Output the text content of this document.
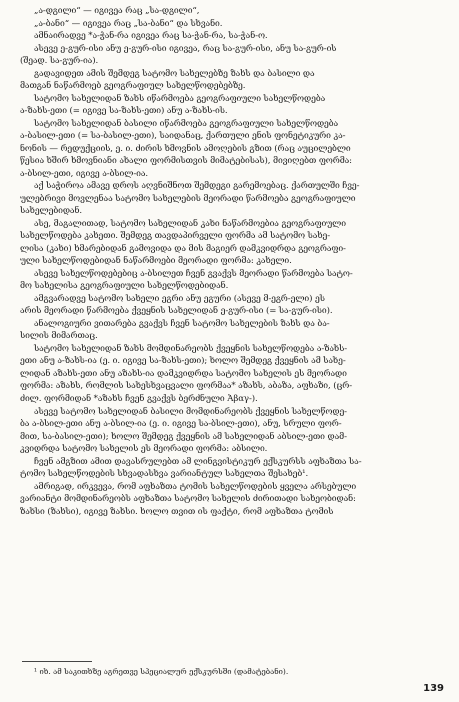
„ა-დგილი“ — იგივეა რაც „სა-დგილი“,
„ა-ბანი“ — იგივეა რაც „სა-ბანი“ და სხვანი.
ამნაირადვე *ა-ჭან-რა იგივეა რაც სა-ჭან-რა, სა-ჭან-ო.
ასევე ე-გურ-ისი ანუ ე-გურ-ისი იგივეა, რაც სა-გურ-ისი, ანუ სა-გურ-ის
(შეად. სა-გურ-ია).
გადავიდეთ ამის შემდეგ სატომო სახელებზე ზახს და ბასილი და
მათგან ნაწარმოებ გეოგრაფიულ სახელწოდებებზე.
სატომო სახელიდან ზახს იწარმოება გეოგრაფიული სახელწოდება
ა-ზახს-ეთი (= იგივე სა-ზახს-ეთი) ანუ ა-ზახს-ის.
სატომო სახელიდან ბასილი იწარმოება გეოგრაფიული სახელწოდება
ა-ბასილ-ეთი (= სა-ბასილ-ეთი), საიდანაც, ქართული ენის ფონეტიკური კა-
ნონის — რედუქციის, ე. ი. ძირის ხმოვნის ამოღების გზით (რაც აუცილებლი
წესია ხშირ ხმოვნიანი ახალი ფორმისთვის მიმატებისას), მივიღებთ ფორმა:
ა-ბსილ-ეთი, იგივე ა-ბსილ-ია.
აქ საჭიროა ამავე დროს აღვნიშნოთ შემდეგი გარემოებაც. ქართულში ჩვე-
ულებრივი მოვლენაა სატომო სახელების მეორადი წარმოება გეოგრაფიული
სახელებიდან.
ასე, მაგალითად, სატომო სახელიდან კახი ნაწარმოებია გეოგრაფიული
სახელწოდება კახეთი. შემდეგ თავდაპირველი ფორმა ამ სატომო სახე-
ლისა (კახი) ხმარებიდან გამოვიდა და მის მაგიერ დამკვიდრდა გეოგრაფი-
ული სახელწოდებიდან ნაწარმოები მეორადი ფორმა: კახელი.
ასევე სახელწოდებებიც ა-ბსილეთ ჩვენ გვაქვს მეორადი წარმოება სატო-
მო სახელისა გეოგრაფიული სახელწოდებიდან.
ამგვარადვე სატომო სახელი ეგრი ანუ ეგური (ასევე მ-ეგრ-ელი) ეს
არის მეორადი წარმოება ქვეყნის სახელიდან ე-გურ-ისი (= სა-გურ-ისი).
ანალოგიური ვითარება გვაქვს ჩვენ სატომო სახელების ზახს და ბა-
სილის მიმართაც.
სატომო სახელიდან ზახს მომდინარეობს ქვეყნის სახელწოდება ა-ზახს-
ეთი ანუ ა-ზახს-ია (ე. ი. იგივე სა-ზახს-ეთი); ხოლო შემდეგ ქვეყნის ამ სახე-
ლიდან აზახს-ეთი ანუ აზახს-ია დამკვიდრდა სატომო სახელის ეს მეორადი
ფორმა: აზახს, რომლის სახესხვაცვალი ფორმაა* აზახს, აბაზა, აფხაზი, (ცრ-
ძილ. ფორმიდან *აზახს ჩვენ გვაქვს ბერძნული Ἀβαγ-).
ასევე სატომო სახელიდან ბასილი მომდინარეობს ქვეყნის სახელწოდე-
ბა ა-ბსილ-ეთი ანუ ა-ბსილ-ია (ე. ი. იგივე სა-ბსილ-ეთი), ანუ, სრული ფორ-
მით, სა-ბასილ-ეთი); ხოლო შემდეგ ქვეყნის ამ სახელიდან აბსილ-ეთი დამ-
კვიდრდა სატომო სახელის ეს მეორადი ფორმა: აბსილი.
ჩვენ ამგზით ამით დავასრულებთ ამ ლინგვისტიკურ ექსკურსს აფხაზთა სა-
ტომო სახელწოდების სხვადასხვა ვარიანტულ სახელთა შესახებ¹.
ამრიგად, ირკვევა, რომ აფხაზთა ტომის სახელწოდების ყველა არსებული
ვარიანტი მომდინარეობს აფხაზთა სატომო სახელის ძირითადი სახეობიდან:
ზახსი (ზახსი), იგივე ზახსი. ხოლო თვით ის ფაქტი, რომ აფხაზთა ტომის
¹ იხ. ამ საკითხზე აგრეთვე სპეციალურ ექსკურსში (დამატებანი).
139
